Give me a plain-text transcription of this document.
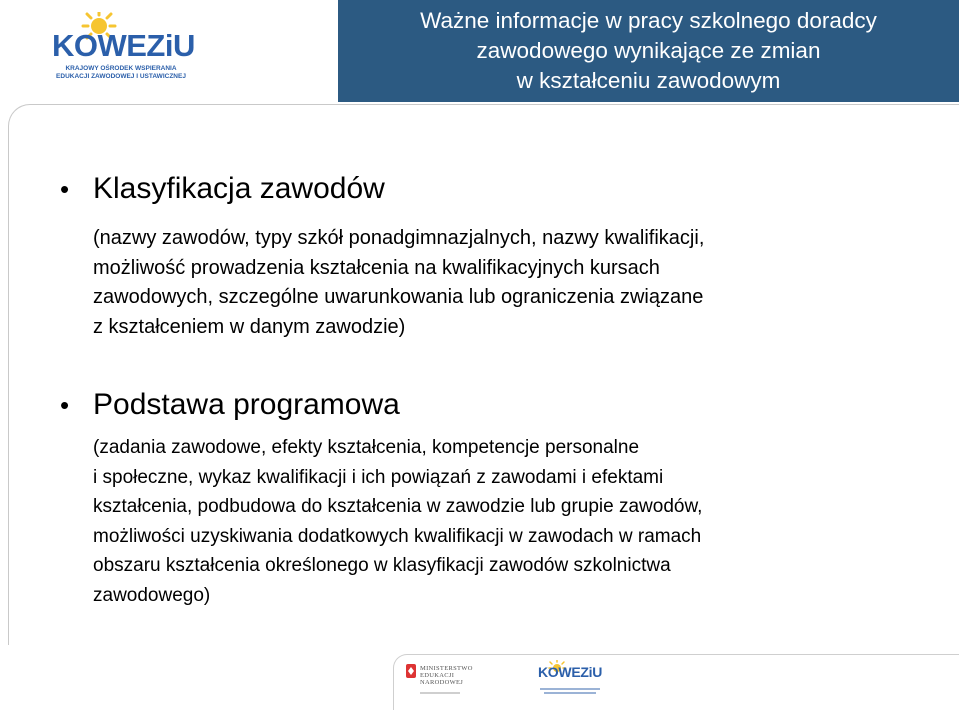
KOWEZiU
KRAJOWY OŚRODEK WSPIERANIA
EDUKACJI ZAWODOWEJ I USTAWICZNEJ
Ważne informacje w pracy szkolnego doradcy
zawodowego wynikające ze zmian
w kształceniu zawodowym
• Klasyfikacja zawodów
(nazwy zawodów, typy szkół ponadgimnazjalnych, nazwy kwalifikacji,
możliwość prowadzenia kształcenia na kwalifikacyjnych kursach
zawodowych, szczególne uwarunkowania lub ograniczenia związane
z kształceniem w danym zawodzie)
• Podstawa programowa
(zadania zawodowe, efekty kształcenia, kompetencje personalne
i społeczne, wykaz kwalifikacji i ich powiązań z zawodami i efektami
kształcenia, podbudowa do kształcenia w zawodzie lub grupie zawodów,
możliwości uzyskiwania dodatkowych kwalifikacji w zawodach w ramach
obszaru kształcenia określonego w klasyfikacji zawodów szkolnictwa
zawodowego)
MINISTERSTWO
EDUKACJI
NARODOWEJ
KOWEZiU
